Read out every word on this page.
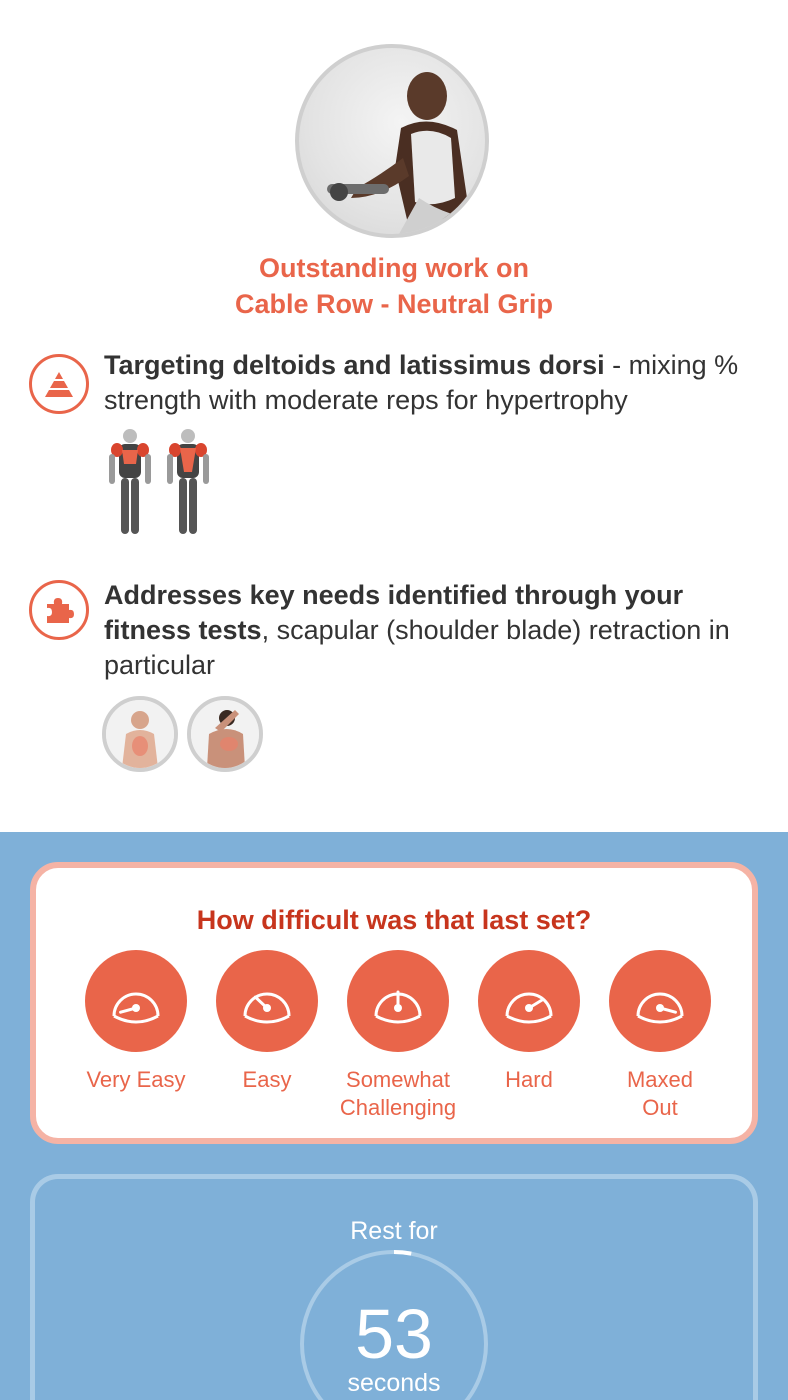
Outstanding work on
Cable Row - Neutral Grip
Targeting deltoids and latissimus dorsi - mixing % strength with moderate reps for hypertrophy
Addresses key needs identified through your fitness tests, scapular (shoulder blade) retraction in particular
How difficult was that last set?
Very Easy	Easy	Somewhat
Challenging
Hard	Maxed
Out
Rest for
53
seconds
